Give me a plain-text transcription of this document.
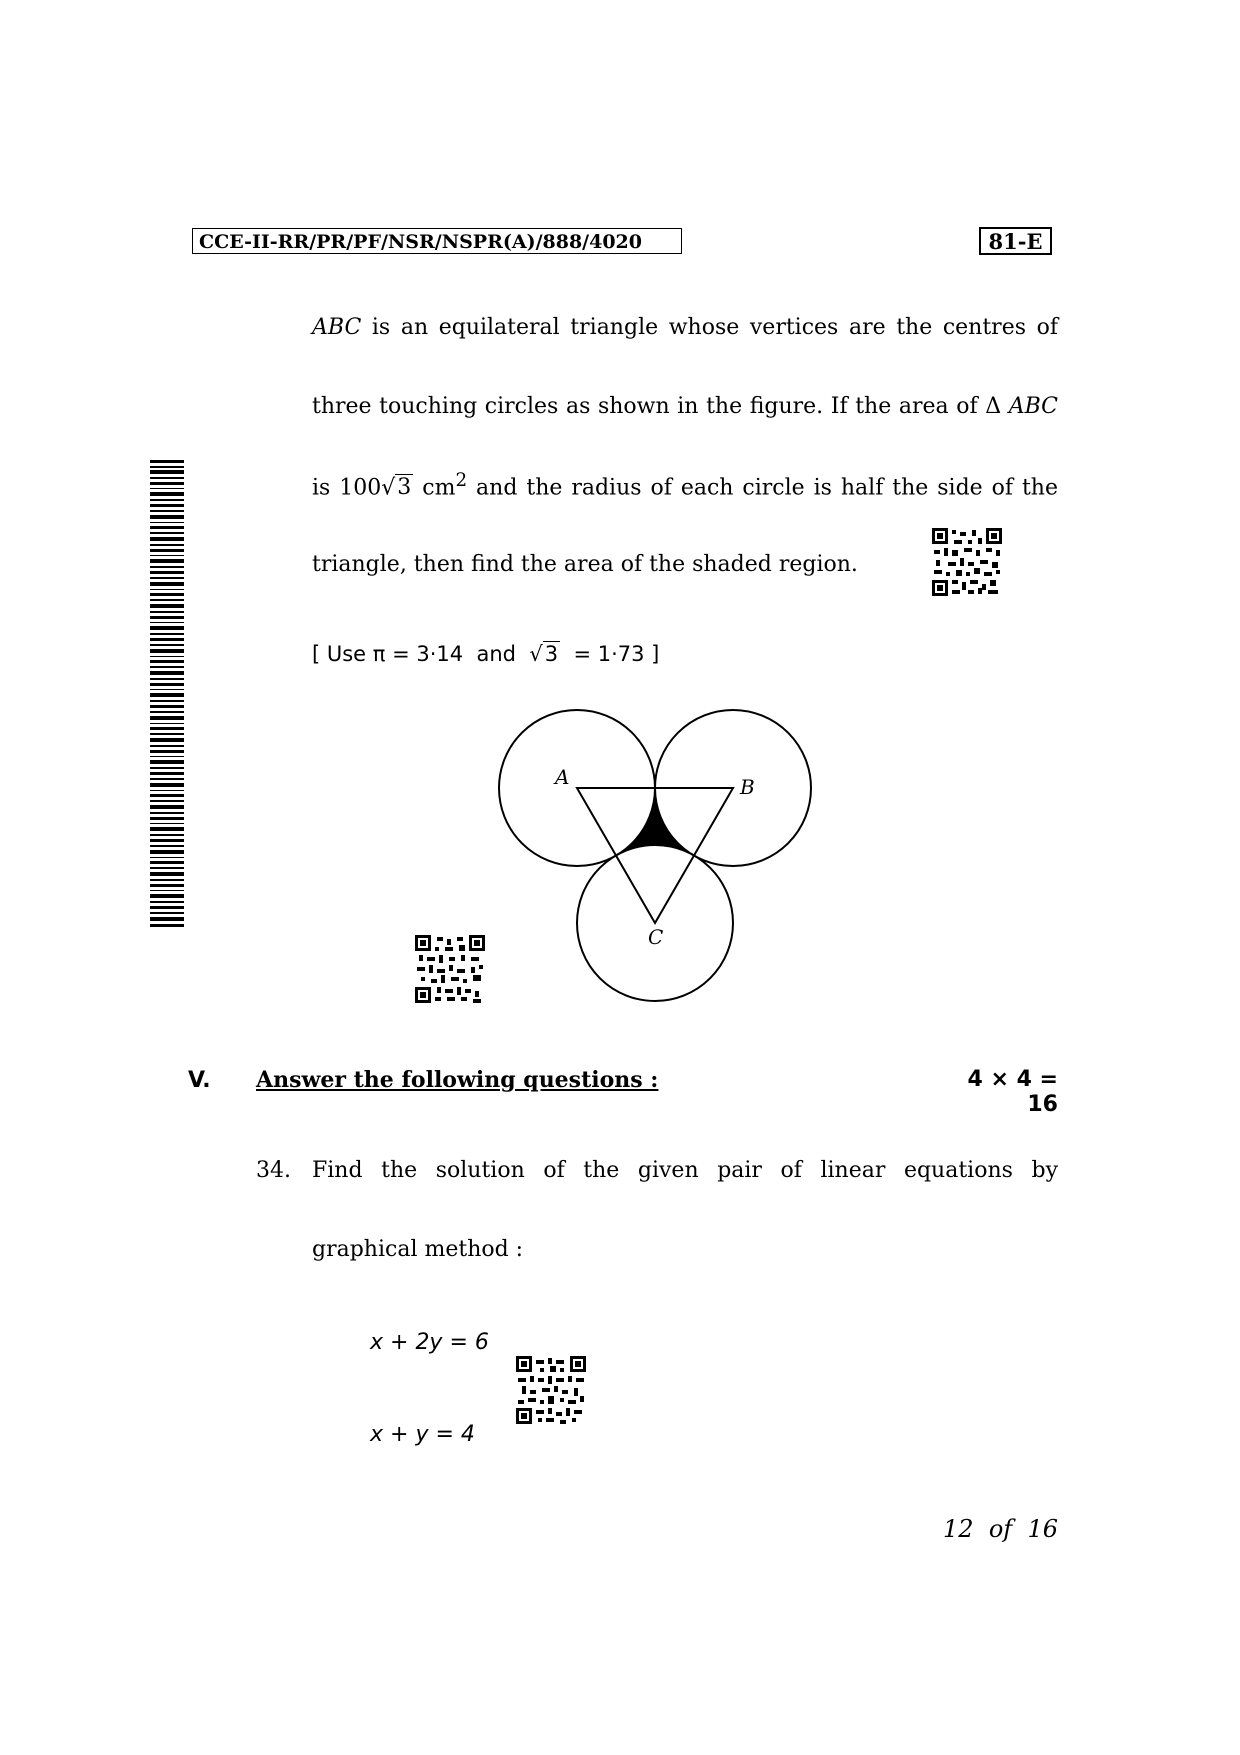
CCE-II-RR/PR/PF/NSR/NSPR(A)/888/4020	81-E
ABC is an equilateral triangle whose vertices are the centres of
three touching circles as shown in the figure. If the area of Δ ABC
is 100√3 $cm^2$ and the radius of each circle is half the side of the
triangle, then find the area of the shaded region.
[ Use π = 3·14  and  √3  = 1·73 ]
A	B
C
V. Answer the following questions :	4 × 4 = 16
34. Find the solution of the given pair of linear equations by
graphical method :
x + 2y = 6
x + y = 4
12 of 16
